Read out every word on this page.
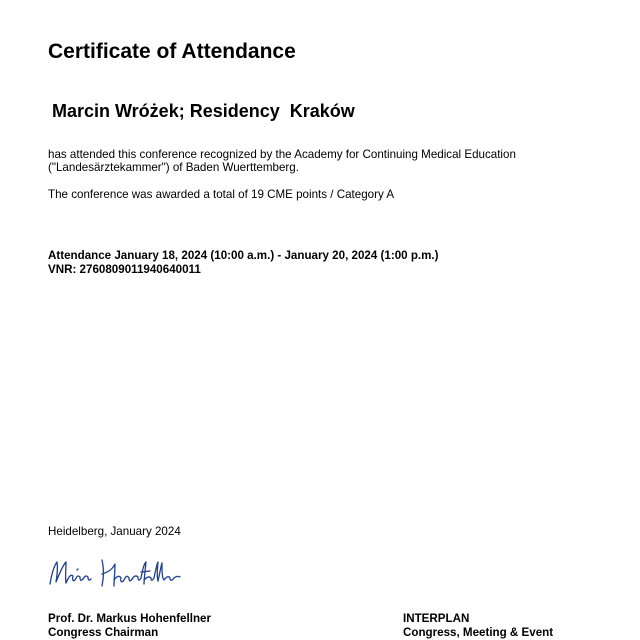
Certificate of Attendance
Marcin Wróżek; Residency  Kraków
has attended this conference recognized by the Academy for Continuing Medical Education
("Landesärztekammer") of Baden Wuerttemberg.
The conference was awarded a total of 19 CME points / Category A
Attendance January 18, 2024 (10:00 a.m.) - January 20, 2024 (1:00 p.m.)
VNR: 2760809011940640011
Heidelberg, January 2024
Prof. Dr. Markus Hohenfellner
Congress Chairman
INTERPLAN
Congress, Meeting & Event
